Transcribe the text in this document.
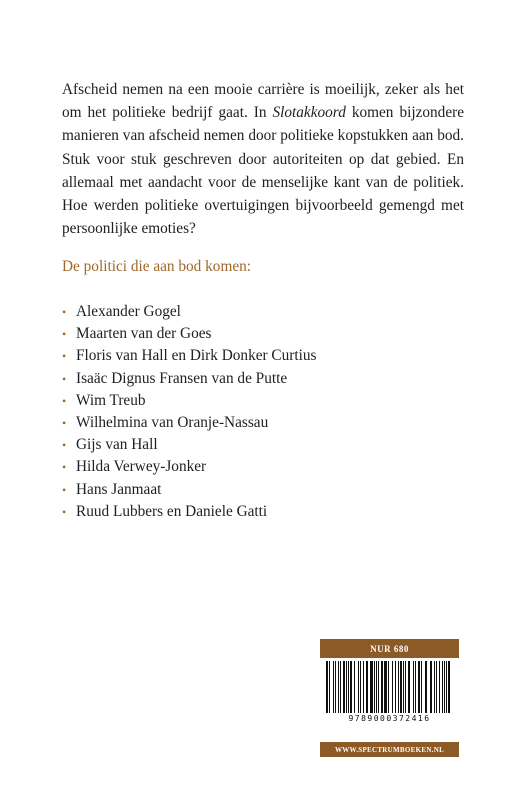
Afscheid nemen na een mooie carrière is moeilijk, zeker als het om het politieke bedrijf gaat. In Slotakkoord komen bijzondere manieren van afscheid nemen door politieke kopstukken aan bod. Stuk voor stuk geschreven door autoriteiten op dat gebied. En allemaal met aandacht voor de menselijke kant van de politiek. Hoe werden politieke overtuigingen bijvoorbeeld gemengd met persoonlijke emoties?

De politici die aan bod komen:
• Alexander Gogel
• Maarten van der Goes
• Floris van Hall en Dirk Donker Curtius
• Isaäc Dignus Fransen van de Putte
• Wim Treub
• Wilhelmina van Oranje-Nassau
• Gijs van Hall
• Hilda Verwey-Jonker
• Hans Janmaat
• Ruud Lubbers en Daniele Gatti
NUR 680
9789000372416
WWW.SPECTRUMBOEKEN.NL
